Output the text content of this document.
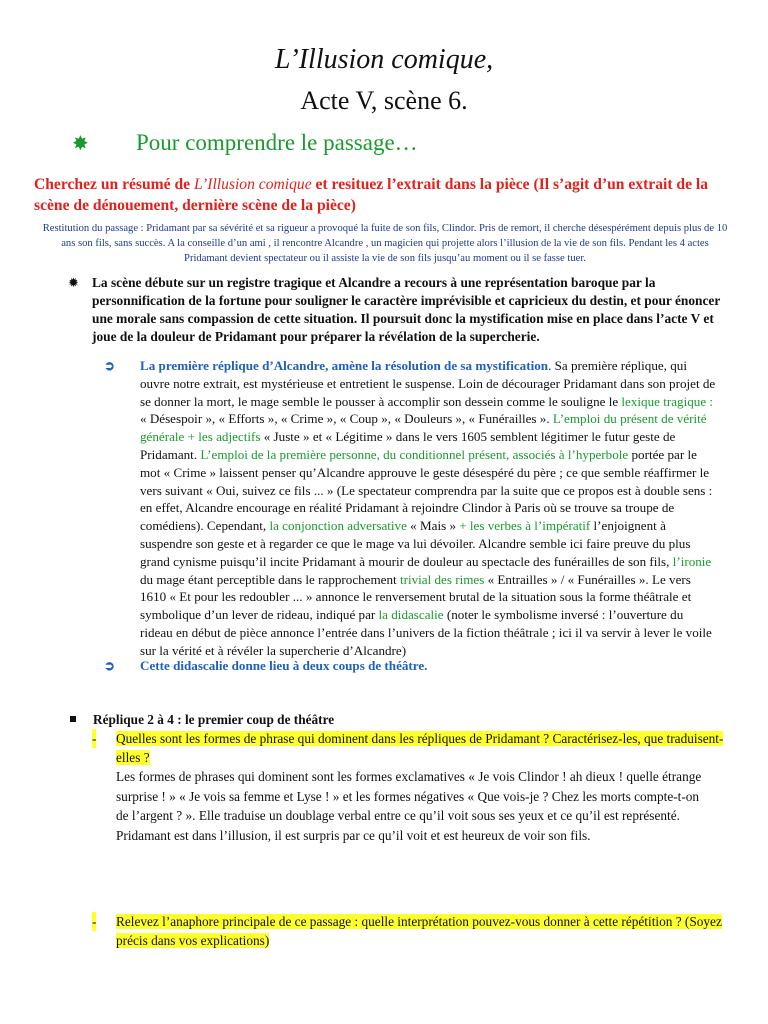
L’Illusion comique,
Acte V, scène 6.
✸ Pour comprendre le passage…
Cherchez un résumé de L’Illusion comique et resituez l’extrait dans la pièce (Il s’agit d’un extrait de la scène de dénouement, dernière scène de la pièce)
Restitution du passage : Pridamant par sa sévérité et sa rigueur a provoqué la fuite de son fils, Clindor. Pris de remort, il cherche désespérément depuis plus de 10 ans son fils, sans succès. A la conseille d’un ami , il rencontre Alcandre , un magicien qui projette alors l’illusion de la vie de son fils. Pendant les 4 actes Pridamant devient spectateur ou il assiste la vie de son fils jusqu’au moment ou il se fasse tuer.
✹ La scène débute sur un registre tragique et Alcandre a recours à une représentation baroque par la personnification de la fortune pour souligner le caractère imprévisible et capricieux du destin, et pour énoncer une morale sans compassion de cette situation. Il poursuit donc la mystification mise en place dans l’acte V et joue de la douleur de Pridamant pour préparer la révélation de la supercherie.
➲ La première réplique d’Alcandre, amène la résolution de sa mystification. Sa première réplique, qui ouvre notre extrait, est mystérieuse et entretient le suspense. Loin de décourager Pridamant dans son projet de se donner la mort, le mage semble le pousser à accomplir son dessein comme le souligne le lexique tragique : « Désespoir », « Efforts », « Crime », « Coup », « Douleurs », « Funérailles ». L’emploi du présent de vérité générale + les adjectifs « Juste » et « Légitime » dans le vers 1605 semblent légitimer le futur geste de Pridamant. L’emploi de la première personne, du conditionnel présent, associés à l’hyperbole portée par le mot « Crime » laissent penser qu’Alcandre approuve le geste désespéré du père ; ce que semble réaffirmer le vers suivant « Oui, suivez ce fils ... » (Le spectateur comprendra par la suite que ce propos est à double sens : en effet, Alcandre encourage en réalité Pridamant à rejoindre Clindor à Paris où se trouve sa troupe de comédiens). Cependant, la conjonction adversative « Mais » + les verbes à l’impératif l’enjoignent à suspendre son geste et à regarder ce que le mage va lui dévoiler. Alcandre semble ici faire preuve du plus grand cynisme puisqu’il incite Pridamant à mourir de douleur au spectacle des funérailles de son fils, l’ironie du mage étant perceptible dans le rapprochement trivial des rimes « Entrailles » / « Funérailles ». Le vers 1610 « Et pour les redoubler ... » annonce le renversement brutal de la situation sous la forme théâtrale et symbolique d’un lever de rideau, indiqué par la didascalie (noter le symbolisme inversé : l’ouverture du rideau en début de pièce annonce l’entrée dans l’univers de la fiction théâtrale ; ici il va servir à lever le voile sur la vérité et à révéler la supercherie d’Alcandre)
➲ Cette didascalie donne lieu à deux coups de théâtre.
Réplique 2 à 4 : le premier coup de théâtre
- Quelles sont les formes de phrase qui dominent dans les répliques de Pridamant ? Caractérisez-les, que traduisent-elles ?
Les formes de phrases qui dominent sont les formes exclamatives « Je vois Clindor ! ah dieux ! quelle étrange surprise ! » « Je vois sa femme et Lyse ! » et les formes négatives « Que vois-je ? Chez les morts compte-t-on de l’argent ? ». Elle traduise un doublage verbal entre ce qu’il voit sous ses yeux et ce qu’il est représenté. Pridamant est dans l’illusion, il est surpris par ce qu’il voit et est heureux de voir son fils.
- Relevez l’anaphore principale de ce passage : quelle interprétation pouvez-vous donner à cette répétition ? (Soyez précis dans vos explications)
